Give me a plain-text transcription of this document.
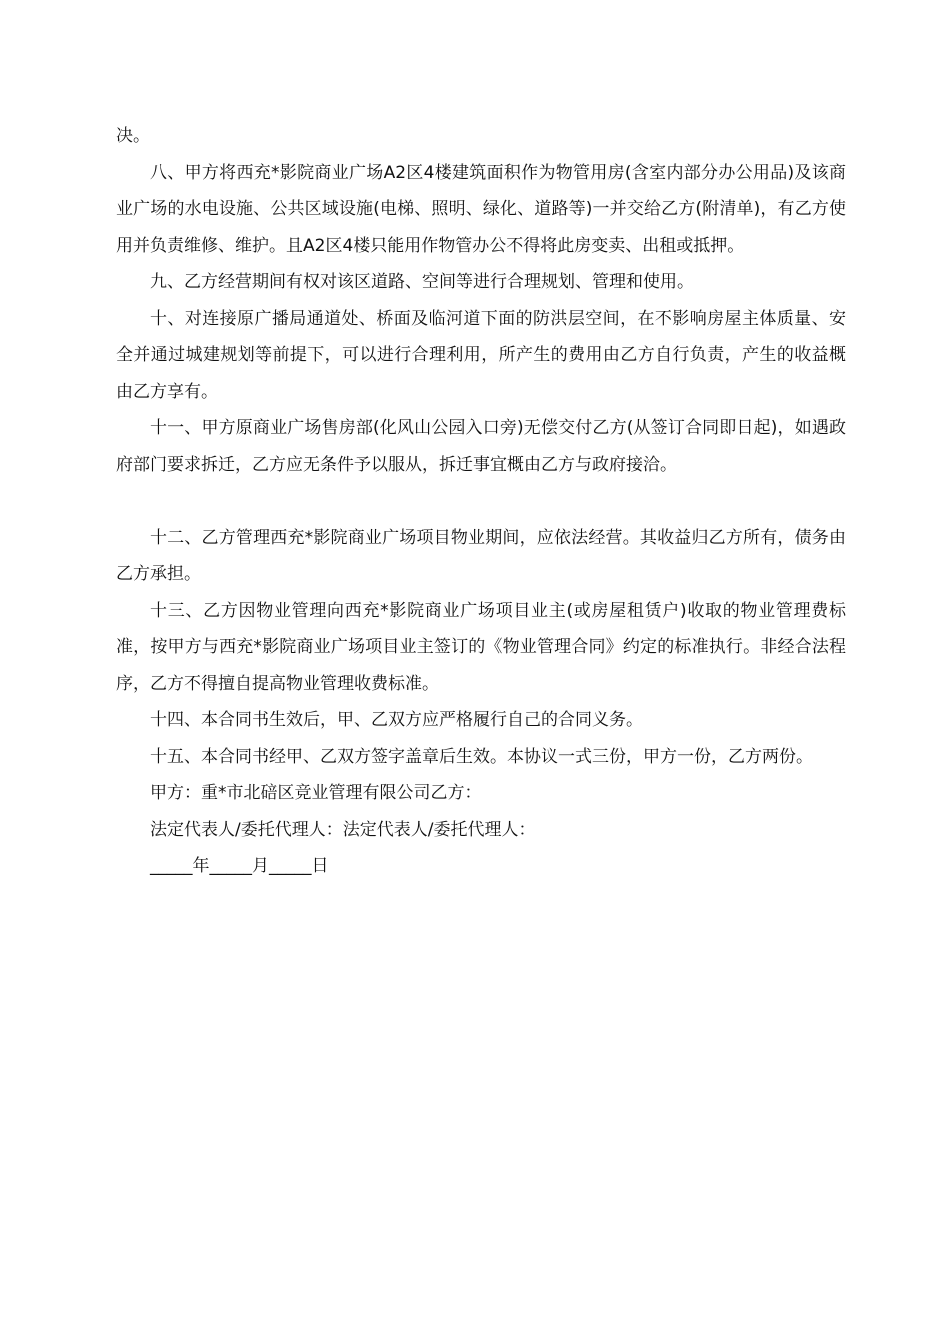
决。

八、甲方将西充*影院商业广场A2区4楼建筑面积作为物管用房(含室内部分办公用品)及该商业广场的水电设施、公共区域设施(电梯、照明、绿化、道路等)一并交给乙方(附清单)，有乙方使用并负责维修、维护。且A2区4楼只能用作物管办公不得将此房变卖、出租或抵押。

九、乙方经营期间有权对该区道路、空间等进行合理规划、管理和使用。

十、对连接原广播局通道处、桥面及临河道下面的防洪层空间，在不影响房屋主体质量、安全并通过城建规划等前提下，可以进行合理利用，所产生的费用由乙方自行负责，产生的收益概由乙方享有。

十一、甲方原商业广场售房部(化风山公园入口旁)无偿交付乙方(从签订合同即日起)，如遇政府部门要求拆迁，乙方应无条件予以服从，拆迁事宜概由乙方与政府接洽。

十二、乙方管理西充*影院商业广场项目物业期间，应依法经营。其收益归乙方所有，债务由乙方承担。

十三、乙方因物业管理向西充*影院商业广场项目业主(或房屋租赁户)收取的物业管理费标准，按甲方与西充*影院商业广场项目业主签订的《物业管理合同》约定的标准执行。非经合法程序，乙方不得擅自提高物业管理收费标准。

十四、本合同书生效后，甲、乙双方应严格履行自己的合同义务。

十五、本合同书经甲、乙双方签字盖章后生效。本协议一式三份，甲方一份，乙方两份。

甲方：重*市北碚区竞业管理有限公司乙方：

法定代表人/委托代理人：法定代表人/委托代理人：

_____年_____月_____日
